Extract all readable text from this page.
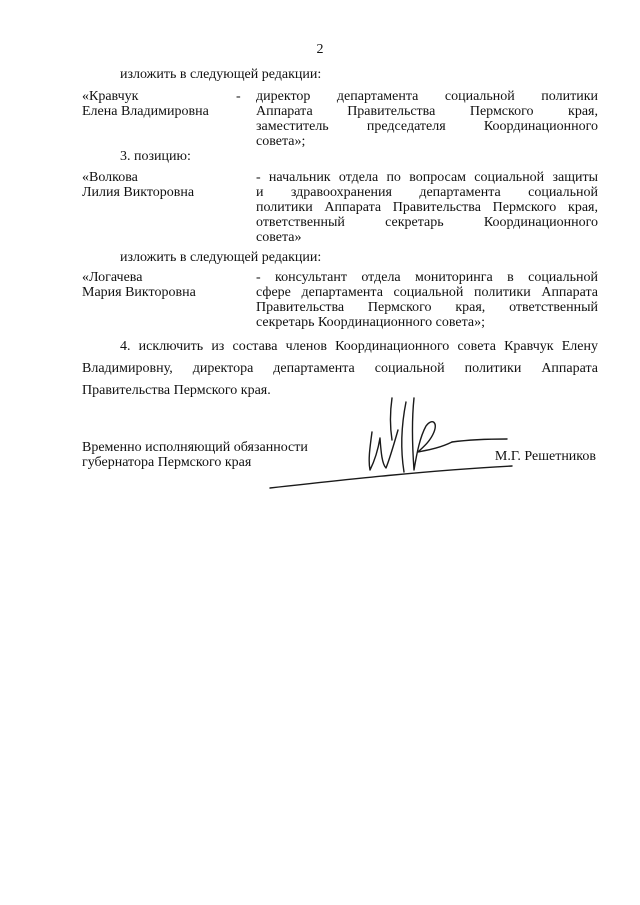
2
изложить в следующей редакции:
«Кравчук
Елена Владимировна
- директор департамента социальной политики
Аппарата Правительства Пермского края,
заместитель председателя Координационного
совета»;
3. позицию:
«Волкова
Лилия Викторовна
- начальник отдела по вопросам социальной защиты
и здравоохранения департамента социальной
политики Аппарата Правительства Пермского края,
ответственный секретарь Координационного
совета»
изложить в следующей редакции:
«Логачева
Мария Викторовна
- консультант отдела мониторинга в социальной
сфере департамента социальной политики Аппарата
Правительства Пермского края, ответственный
секретарь Координационного совета»;
4. исключить из состава членов Координационного совета Кравчук Елену
Владимировну, директора департамента социальной политики Аппарата
Правительства Пермского края.
Временно исполняющий обязанности
губернатора Пермского края	М.Г. Решетников
